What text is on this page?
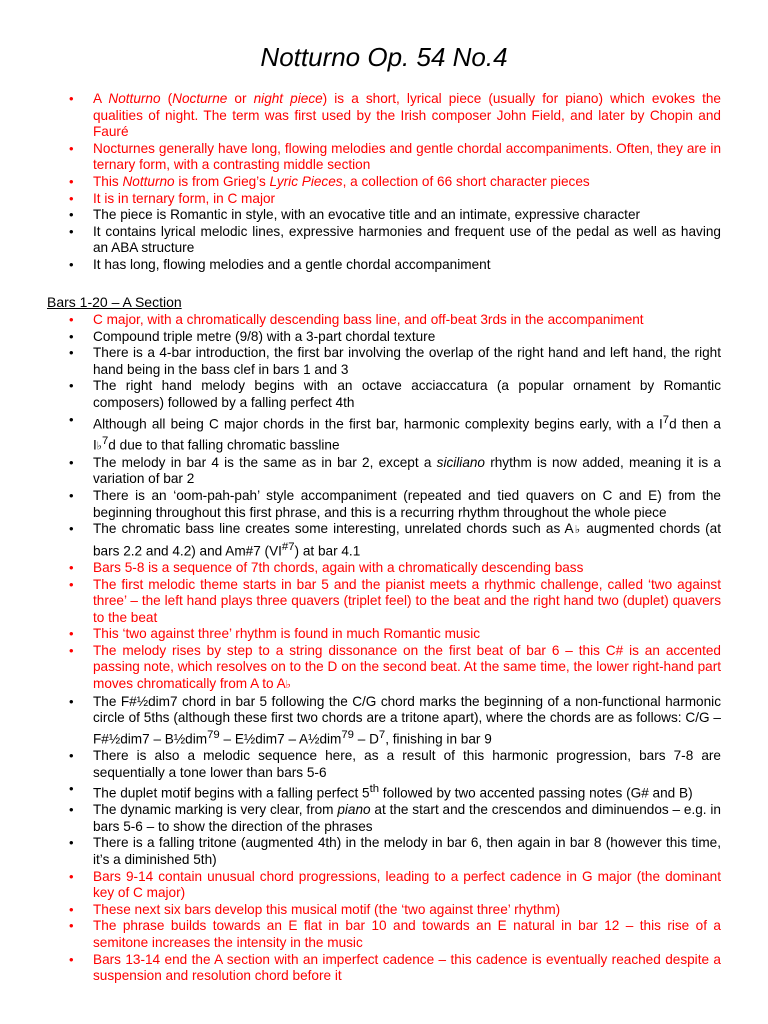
Notturno Op. 54 No.4
• A Notturno (Nocturne or night piece) is a short, lyrical piece (usually for piano) which evokes the qualities of night. The term was first used by the Irish composer John Field, and later by Chopin and Fauré
• Nocturnes generally have long, flowing melodies and gentle chordal accompaniments. Often, they are in ternary form, with a contrasting middle section
• This Notturno is from Grieg’s Lyric Pieces, a collection of 66 short character pieces
• It is in ternary form, in C major
• The piece is Romantic in style, with an evocative title and an intimate, expressive character
• It contains lyrical melodic lines, expressive harmonies and frequent use of the pedal as well as having an ABA structure
• It has long, flowing melodies and a gentle chordal accompaniment
Bars 1-20 – A Section
• C major, with a chromatically descending bass line, and off-beat 3rds in the accompaniment
• Compound triple metre (9/8) with a 3-part chordal texture
• There is a 4-bar introduction, the first bar involving the overlap of the right hand and left hand, the right hand being in the bass clef in bars 1 and 3
• The right hand melody begins with an octave acciaccatura (a popular ornament by Romantic composers) followed by a falling perfect 4th
• Although all being C major chords in the first bar, harmonic complexity begins early, with a $I^7d$ then a I♭$^7$d due to that falling chromatic bassline
• The melody in bar 4 is the same as in bar 2, except a siciliano rhythm is now added, meaning it is a variation of bar 2
• There is an ‘oom-pah-pah’ style accompaniment (repeated and tied quavers on C and E) from the beginning throughout this first phrase, and this is a recurring rhythm throughout the whole piece
• The chromatic bass line creates some interesting, unrelated chords such as A♭ augmented chords (at bars 2.2 and 4.2) and Am#7 (VI$^{\#7}$) at bar 4.1
• Bars 5-8 is a sequence of 7th chords, again with a chromatically descending bass
• The first melodic theme starts in bar 5 and the pianist meets a rhythmic challenge, called ‘two against three’ – the left hand plays three quavers (triplet feel) to the beat and the right hand two (duplet) quavers to the beat
• This ‘two against three’ rhythm is found in much Romantic music
• The melody rises by step to a string dissonance on the first beat of bar 6 – this C# is an accented passing note, which resolves on to the D on the second beat. At the same time, the lower right-hand part moves chromatically from A to A♭
• The F#½dim7 chord in bar 5 following the C/G chord marks the beginning of a non-functional harmonic circle of 5ths (although these first two chords are a tritone apart), where the chords are as follows: C/G – F#½dim7 – B½dim$^{79}$ – E½dim7 – A½dim$^{79}$ – $D^7$, finishing in bar 9
• There is also a melodic sequence here, as a result of this harmonic progression, bars 7-8 are sequentially a tone lower than bars 5-6
• The duplet motif begins with a falling perfect 5th followed by two accented passing notes (G# and B)
• The dynamic marking is very clear, from piano at the start and the crescendos and diminuendos – e.g. in bars 5-6 – to show the direction of the phrases
• There is a falling tritone (augmented 4th) in the melody in bar 6, then again in bar 8 (however this time, it’s a diminished 5th)
• Bars 9-14 contain unusual chord progressions, leading to a perfect cadence in G major (the dominant key of C major)
• These next six bars develop this musical motif (the ‘two against three’ rhythm)
• The phrase builds towards an E flat in bar 10 and towards an E natural in bar 12 – this rise of a semitone increases the intensity in the music
• Bars 13-14 end the A section with an imperfect cadence – this cadence is eventually reached despite a suspension and resolution chord before it
